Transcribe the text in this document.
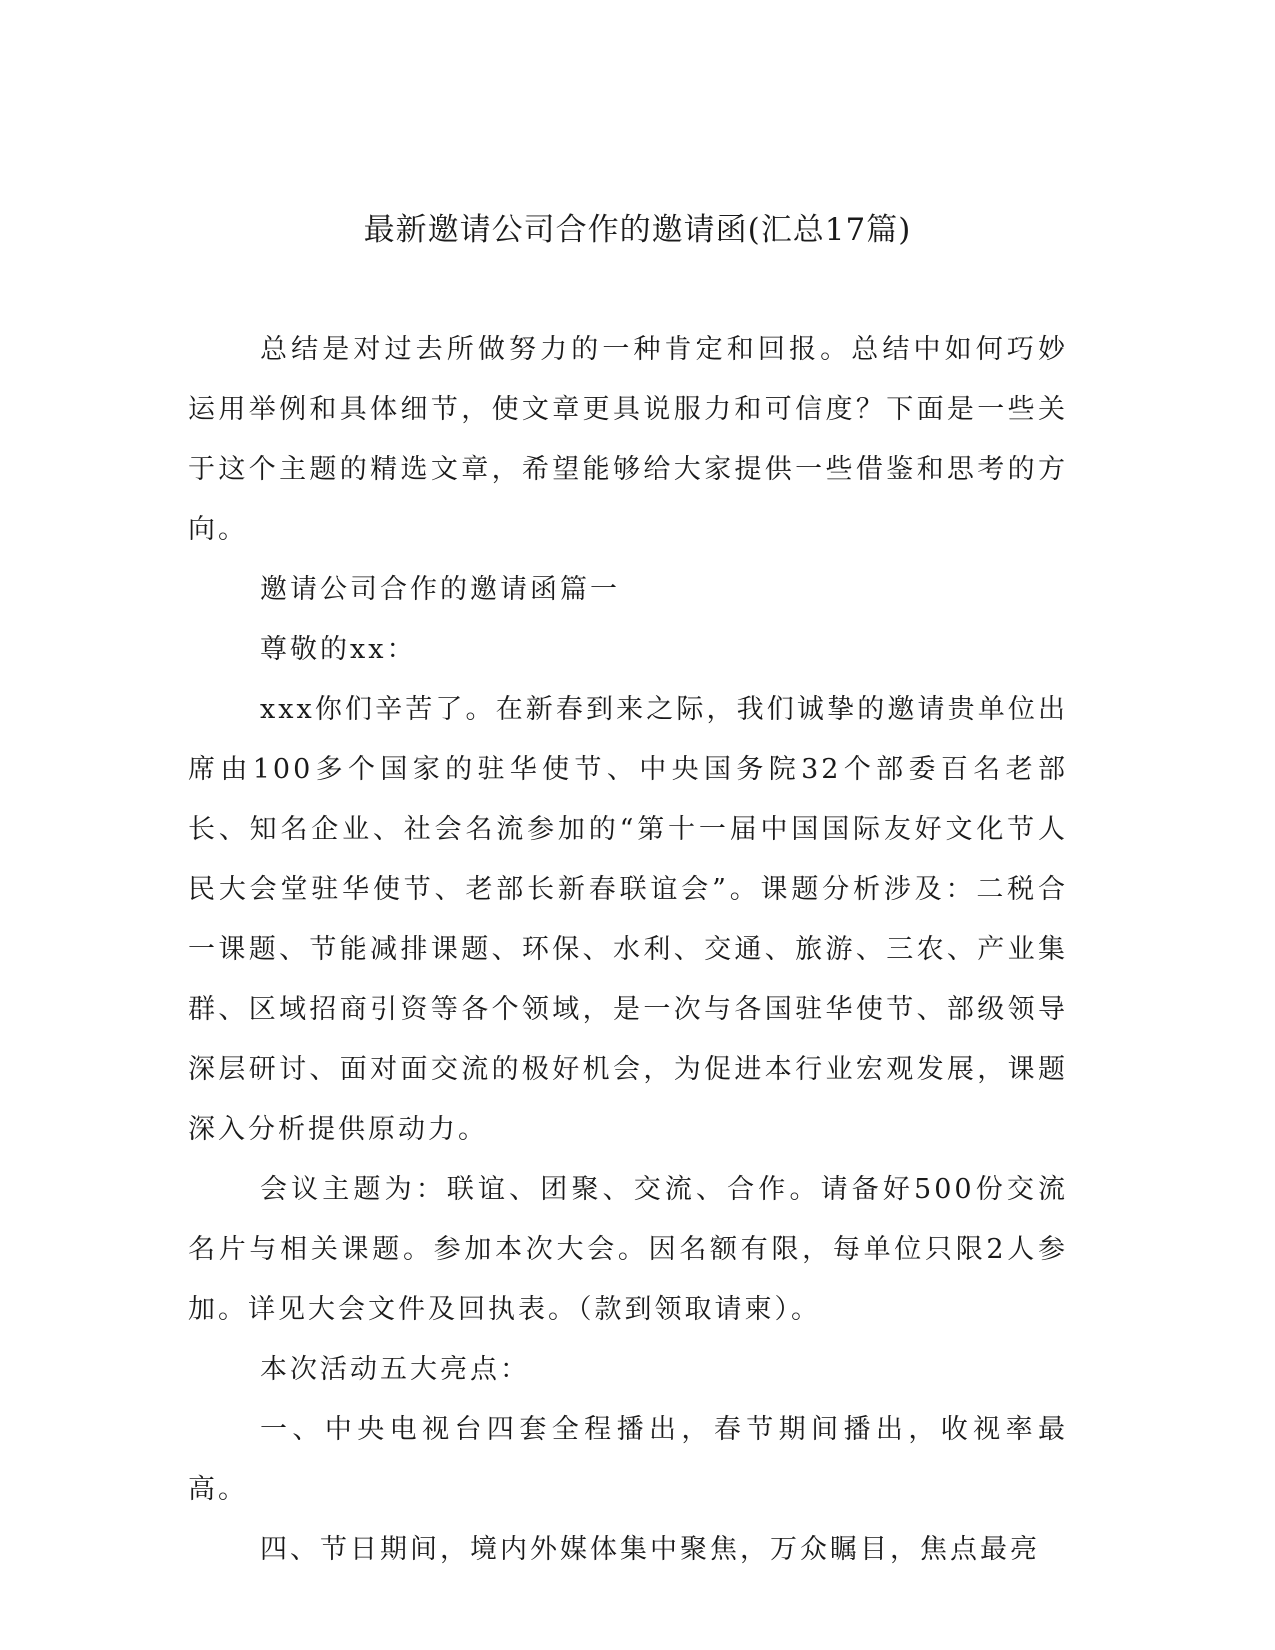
最新邀请公司合作的邀请函(汇总17篇)

总结是对过去所做努力的一种肯定和回报。总结中如何巧妙运用举例和具体细节，使文章更具说服力和可信度？下面是一些关于这个主题的精选文章，希望能够给大家提供一些借鉴和思考的方向。

邀请公司合作的邀请函篇一

尊敬的xx：

xxx你们辛苦了。在新春到来之际，我们诚挚的邀请贵单位出席由100多个国家的驻华使节、中央国务院32个部委百名老部长、知名企业、社会名流参加的“第十一届中国国际友好文化节人民大会堂驻华使节、老部长新春联谊会”。课题分析涉及：二税合一课题、节能减排课题、环保、水利、交通、旅游、三农、产业集群、区域招商引资等各个领域，是一次与各国驻华使节、部级领导深层研讨、面对面交流的极好机会，为促进本行业宏观发展，课题深入分析提供原动力。

会议主题为：联谊、团聚、交流、合作。请备好500份交流名片与相关课题。参加本次大会。因名额有限，每单位只限2人参加。详见大会文件及回执表。（款到领取请柬）。

本次活动五大亮点：

一、中央电视台四套全程播出，春节期间播出，收视率最高。

四、节日期间，境内外媒体集中聚焦，万众瞩目，焦点最亮
